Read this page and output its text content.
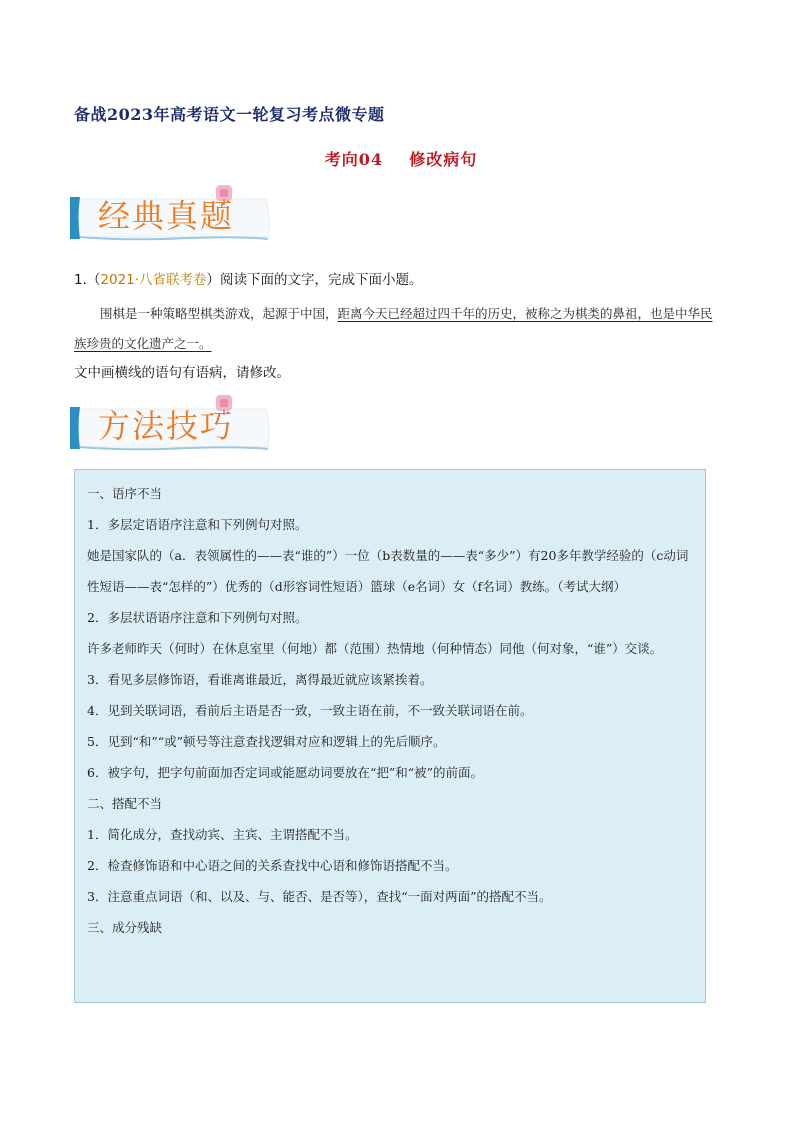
备战2023年高考语文一轮复习考点微专题
考向04    修改病句
经典真题
1.（2021·八省联考卷）阅读下面的文字，完成下面小题。
围棋是一种策略型棋类游戏，起源于中国，距离今天已经超过四千年的历史，被称之为棋类的鼻祖，也是中华民族珍贵的文化遗产之一。
文中画横线的语句有语病，请修改。
方法技巧

一、语序不当

1．多层定语语序注意和下列例句对照。

她是国家队的（a．表领属性的——表“谁的”）一位（b表数量的——表“多少”）有20多年教学经验的（c动词性短语——表“怎样的”）优秀的（d形容词性短语）篮球（e名词）女（f名词）教练。（考试大纲）

2．多层状语语序注意和下列例句对照。

许多老师昨天（何时）在休息室里（何地）都（范围）热情地（何种情态）同他（何对象，“谁”）交谈。

3．看见多层修饰语，看谁离谁最近，离得最近就应该紧挨着。

4．见到关联词语，看前后主语是否一致，一致主语在前，不一致关联词语在前。

5．见到“和”“或”顿号等注意查找逻辑对应和逻辑上的先后顺序。

6．被字句，把字句前面加否定词或能愿动词要放在“把”和“被”的前面。

二、搭配不当

1．简化成分，查找动宾、主宾、主谓搭配不当。

2．检查修饰语和中心语之间的关系查找中心语和修饰语搭配不当。

3．注意重点词语（和、以及、与、能否、是否等），查找“一面对两面”的搭配不当。

三、成分残缺
